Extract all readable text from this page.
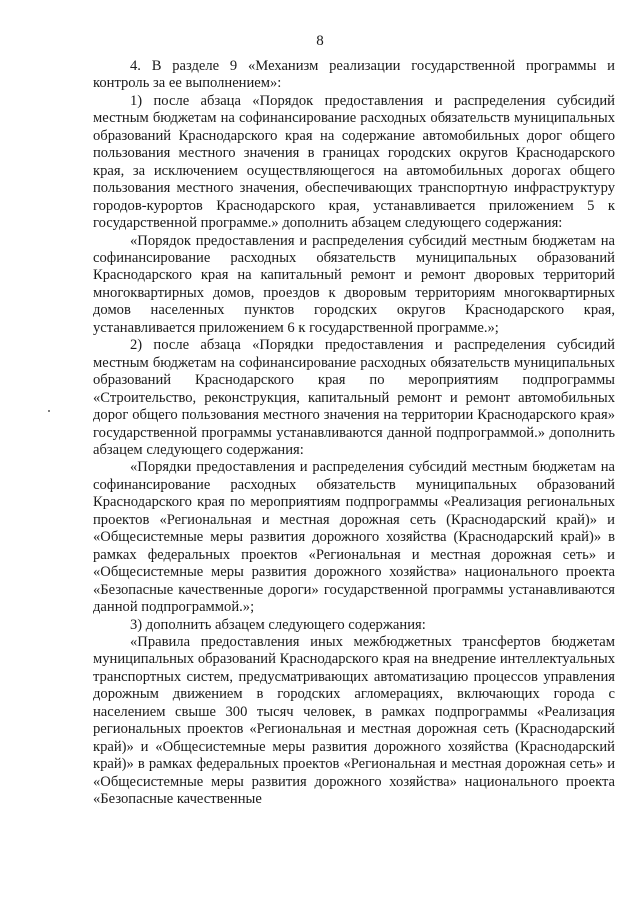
8

4. В разделе 9 «Механизм реализации государственной программы и контроль за ее выполнением»:

1) после абзаца «Порядок предоставления и распределения субсидий местным бюджетам на софинансирование расходных обязательств муниципальных образований Краснодарского края на содержание автомобильных дорог общего пользования местного значения в границах городских округов Краснодарского края, за исключением осуществляющегося на автомобильных дорогах общего пользования местного значения, обеспечивающих транспортную инфраструктуру городов-курортов Краснодарского края, устанавливается приложением 5 к государственной программе.» дополнить абзацем следующего содержания:

«Порядок предоставления и распределения субсидий местным бюджетам на софинансирование расходных обязательств муниципальных образований Краснодарского края на капитальный ремонт и ремонт дворовых территорий многоквартирных домов, проездов к дворовым территориям многоквартирных домов населенных пунктов городских округов Краснодарского края, устанавливается приложением 6 к государственной программе.»;

2) после абзаца «Порядки предоставления и распределения субсидий местным бюджетам на софинансирование расходных обязательств муниципальных образований Краснодарского края по мероприятиям подпрограммы «Строительство, реконструкция, капитальный ремонт и ремонт автомобильных дорог общего пользования местного значения на территории Краснодарского края» государственной программы устанавливаются данной подпрограммой.» дополнить абзацем следующего содержания:

«Порядки предоставления и распределения субсидий местным бюджетам на софинансирование расходных обязательств муниципальных образований Краснодарского края по мероприятиям подпрограммы «Реализация региональных проектов «Региональная и местная дорожная сеть (Краснодарский край)» и «Общесистемные меры развития дорожного хозяйства (Краснодарский край)» в рамках федеральных проектов «Региональная и местная дорожная сеть» и «Общесистемные меры развития дорожного хозяйства» национального проекта «Безопасные качественные дороги» государственной программы устанавливаются данной подпрограммой.»;

3) дополнить абзацем следующего содержания:

«Правила предоставления иных межбюджетных трансфертов бюджетам муниципальных образований Краснодарского края на внедрение интеллектуальных транспортных систем, предусматривающих автоматизацию процессов управления дорожным движением в городских агломерациях, включающих города с населением свыше 300 тысяч человек, в рамках подпрограммы «Реализация региональных проектов «Региональная и местная дорожная сеть (Краснодарский край)» и «Общесистемные меры развития дорожного хозяйства (Краснодарский край)» в рамках федеральных проектов «Региональная и местная дорожная сеть» и «Общесистемные меры развития дорожного хозяйства» национального проекта «Безопасные качественные
